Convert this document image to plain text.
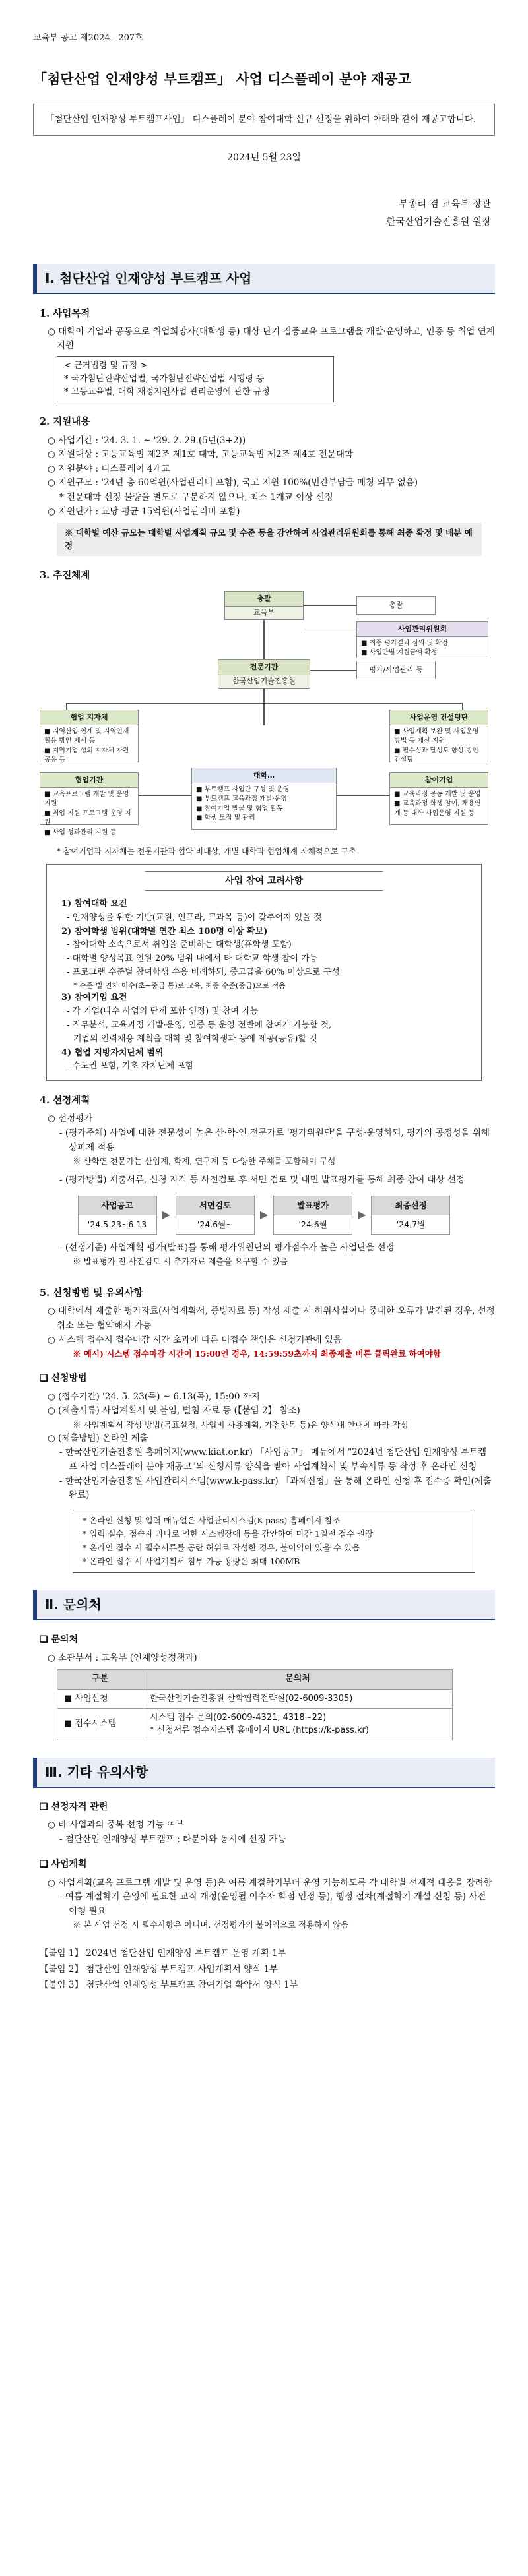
교육부 공고 제2024 - 207호
「첨단산업 인재양성 부트캠프」 사업 디스플레이 분야 재공고
「첨단산업 인재양성 부트캠프사업」 디스플레이 분야 참여대학 신규 선정을 위하여 아래와 같이 재공고합니다.
2024년 5월 23일
부총리 겸 교육부 장관
한국산업기술진흥원 원장
Ⅰ. 첨단산업 인재양성 부트캠프 사업
1. 사업목적
○ 대학이 기업과 공동으로 취업희망자(대학생 등) 대상 단기 집중교육 프로그램을 개발·운영하고, 인증 등 취업 연계 지원
< 근거법령 및 규정 >
* 국가첨단전략산업법, 국가첨단전략산업법 시행령 등
* 고등교육법, 대학 재정지원사업 관리운영에 관한 규정
2. 지원내용
○ 사업기간 : '24. 3. 1. ~ '29. 2. 29.(5년(3+2))
○ 지원대상 : 고등교육법 제2조 제1호 대학, 고등교육법 제2조 제4호 전문대학
○ 지원분야 : 디스플레이 4개교
○ 지원규모 : '24년 총 60억원(사업관리비 포함), 국고 지원 100%(민간부담금 매칭 의무 없음)
* 전문대학 선정 물량을 별도로 구분하지 않으나, 최소 1개교 이상 선정
○ 지원단가 : 교당 평균 15억원(사업관리비 포함)
※ 대학별 예산 규모는 대학별 사업계획 규모 및 수준 등을 감안하여 사업관리위원회를 통해 최종 확정 및 배분 예정
3. 추진체계
총괄
교육부
총괄
사업관리위원회
■ 최종 평가결과 심의 및 확정
■ 사업단별 지원금액 확정
전문기관
한국산업기술진흥원
평가/사업관리 등
협업 지자체
■ 지역산업 연계 및 지역인재 활용 방안 제시 등
■ 지역기업 섭외 지자체 자원 공유 등
사업운영 컨설팅단
■ 사업계획 보완 및 사업운영 방법 등 개선 지원
■ 필수성과 달성도 향상 방안 컨설팅
협업기관
■ 교육프로그램 개발 및 운영 지원
■ 취업 지원 프로그램 운영 지원
■ 사업 성과관리 지원 등
대학…
■ 부트캠프 사업단 구성 및 운영
■ 부트캠프 교육과정 개발·운영
■ 참여기업 발굴 및 협업 활동
■ 학생 모집 및 관리
참여기업
■ 교육과정 공동 개발 및 운영
■ 교육과정 학생 참여, 채용연계 등 대학 사업운영 지원 등
* 참여기업과 지자체는 전문기관과 협약 비대상, 개별 대학과 협업체계 자체적으로 구축
사업 참여 고려사항
1) 참여대학 요건
- 인재양성을 위한 기반(교원, 인프라, 교과목 등)이 갖추어져 있을 것
2) 참여학생 범위(대학별 연간 최소 100명 이상 확보)
- 참여대학 소속으로서 취업을 준비하는 대학생(휴학생 포함)
- 대학별 양성목표 인원 20% 범위 내에서 타 대학교 학생 참여 가능
- 프로그램 수준별 참여학생 수용 비례하되, 중고급을 60% 이상으로 구성
* 수준 별 연차 이수(초→중급 통)로 교육, 최종 수준(중급)으로 적용
3) 참여기업 요건
- 각 기업(다수 사업의 단계 포함 인정) 및 참여 가능
- 직무분석, 교육과정 개발·운영, 인증 등 운영 전반에 참여가 가능할 것,
기업의 인력채용 계획을 대학 및 참여학생과 등에 제공(공유)할 것
4) 협업 지방자치단체 범위
- 수도권 포함, 기초 자치단체 포함
4. 선정계획
○ 선정평가
- (평가주체) 사업에 대한 전문성이 높은 산·학·연 전문가로 '평가위원단'을 구성·운영하되, 평가의 공정성을 위해 상피제 적용
※ 산학연 전문가는 산업계, 학계, 연구계 등 다양한 주체를 포함하여 구성
- (평가방법) 제출서류, 신청 자격 등 사전검토 후 서면 검토 및 대면 발표평가를 통해 최종 참여 대상 선정
사업공고
'24.5.23~6.13
▶
서면검토
'24.6월~
▶
발표평가
'24.6월
▶
최종선정
'24.7월
- (선정기준) 사업계획 평가(발표)를 통해 평가위원단의 평가점수가 높은 사업단을 선정
※ 발표평가 전 사전검토 시 추가자료 제출을 요구할 수 있음
5. 신청방법 및 유의사항
○ 대학에서 제출한 평가자료(사업계획서, 증빙자료 등) 작성 제출 시 허위사실이나 중대한 오류가 발견된 경우, 선정취소 또는 협약해지 가능
○ 시스템 접수시 접수마감 시간 초과에 따른 미접수 책임은 신청기관에 있음
※ 예시) 시스템 접수마감 시간이 15:00인 경우, 14:59:59초까지 최종제출 버튼 클릭완료 하여야함
❑ 신청방법
○ (접수기간) '24. 5. 23(목) ~ 6.13(목), 15:00 까지
○ (제출서류) 사업계획서 및 붙임, 별첨 자료 등 (【붙임 2】 참조)
※ 사업계획서 작성 방법(목표설정, 사업비 사용계획, 가점항목 등)은 양식내 안내에 따라 작성
○ (제출방법) 온라인 제출
- 한국산업기술진흥원 홈페이지(www.kiat.or.kr) 「사업공고」 메뉴에서 "2024년 첨단산업 인재양성 부트캠프 사업 디스플레이 분야 재공고"의 신청서류 양식을 받아 사업계획서 및 부속서류 등 작성 후 온라인 신청
- 한국산업기술진흥원 사업관리시스템(www.k-pass.kr) 「과제신청」을 통해 온라인 신청 후 접수증 확인(제출 완료)
* 온라인 신청 및 입력 매뉴얼은 사업관리시스템(K-pass) 홈페이지 참조
* 입력 실수, 접속자 과다로 인한 시스템장애 등을 감안하여 마감 1일전 접수 권장
* 온라인 접수 시 필수서류를 공란 허위로 작성한 경우, 불이익이 있을 수 있음
* 온라인 접수 시 사업계획서 첨부 가능 용량은 최대 100MB
Ⅱ. 문의처
❑ 문의처
○ 소관부서 : 교육부 (인재양성정책과)
구분	문의처
■ 사업신청	한국산업기술진흥원 산학협력전략실(02-6009-3305)
■ 접수시스템	시스템 접수 문의(02-6009-4321, 4318~22)
* 신청서류 접수시스템 홈페이지 URL (https://k-pass.kr)
Ⅲ. 기타 유의사항
❑ 선정자격 관련
○ 타 사업과의 중복 선정 가능 여부
- 첨단산업 인재양성 부트캠프 : 타분야와 동시에 선정 가능
❑ 사업계획
○ 사업계획(교육 프로그램 개발 및 운영 등)은 여름 계절학기부터 운영 가능하도록 각 대학별 선제적 대응을 장려함
- 여름 계절학기 운영에 필요한 교직 개정(운영될 이수자 학점 인정 등), 행정 절차(계절학기 개설 신청 등) 사전 이행 필요
※ 본 사업 선정 시 필수사항은 아니며, 선정평가의 불이익으로 적용하지 않음
【붙임 1】 2024년 첨단산업 인재양성 부트캠프 운영 계획 1부
【붙임 2】 첨단산업 인재양성 부트캠프 사업계획서 양식 1부
【붙임 3】 첨단산업 인재양성 부트캠프 참여기업 확약서 양식 1부
